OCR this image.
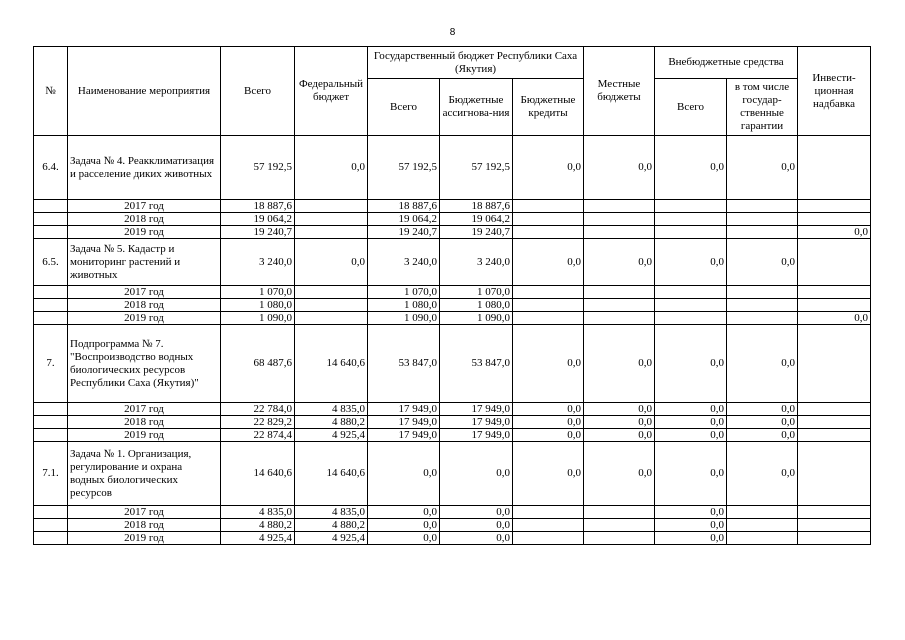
8
№	Наименование мероприятия	Всего	Федеральный бюджет	Государственный бюджет Республики Саха (Якутия)			Местные бюджеты	Внебюджетные средства		Инвести-ционная надбавка
				Всего	Бюджетные ассигнова-ния	Бюджетные кредиты		Всего	в том числе государ-ственные гарантии	
6.4.	Задача № 4. Реакклиматизация и расселение диких животных	57 192,5	0,0	57 192,5	57 192,5	0,0	0,0	0,0	0,0	
	2017 год	18 887,6		18 887,6	18 887,6					
	2018 год	19 064,2		19 064,2	19 064,2					
	2019 год	19 240,7		19 240,7	19 240,7					0,0
6.5.	Задача № 5. Кадастр и мониторинг растений и животных	3 240,0	0,0	3 240,0	3 240,0	0,0	0,0	0,0	0,0	
	2017 год	1 070,0		1 070,0	1 070,0					
	2018 год	1 080,0		1 080,0	1 080,0					
	2019 год	1 090,0		1 090,0	1 090,0					0,0
7.	Подпрограмма № 7. "Воспроизводство водных биологических ресурсов Республики Саха (Якутия)"	68 487,6	14 640,6	53 847,0	53 847,0	0,0	0,0	0,0	0,0	
	2017 год	22 784,0	4 835,0	17 949,0	17 949,0	0,0	0,0	0,0	0,0	
	2018 год	22 829,2	4 880,2	17 949,0	17 949,0	0,0	0,0	0,0	0,0	
	2019 год	22 874,4	4 925,4	17 949,0	17 949,0	0,0	0,0	0,0	0,0	
7.1.	Задача № 1. Организация, регулирование и охрана водных биологических ресурсов	14 640,6	14 640,6	0,0	0,0	0,0	0,0	0,0	0,0	
	2017 год	4 835,0	4 835,0	0,0	0,0			0,0		
	2018 год	4 880,2	4 880,2	0,0	0,0			0,0		
	2019 год	4 925,4	4 925,4	0,0	0,0			0,0		
